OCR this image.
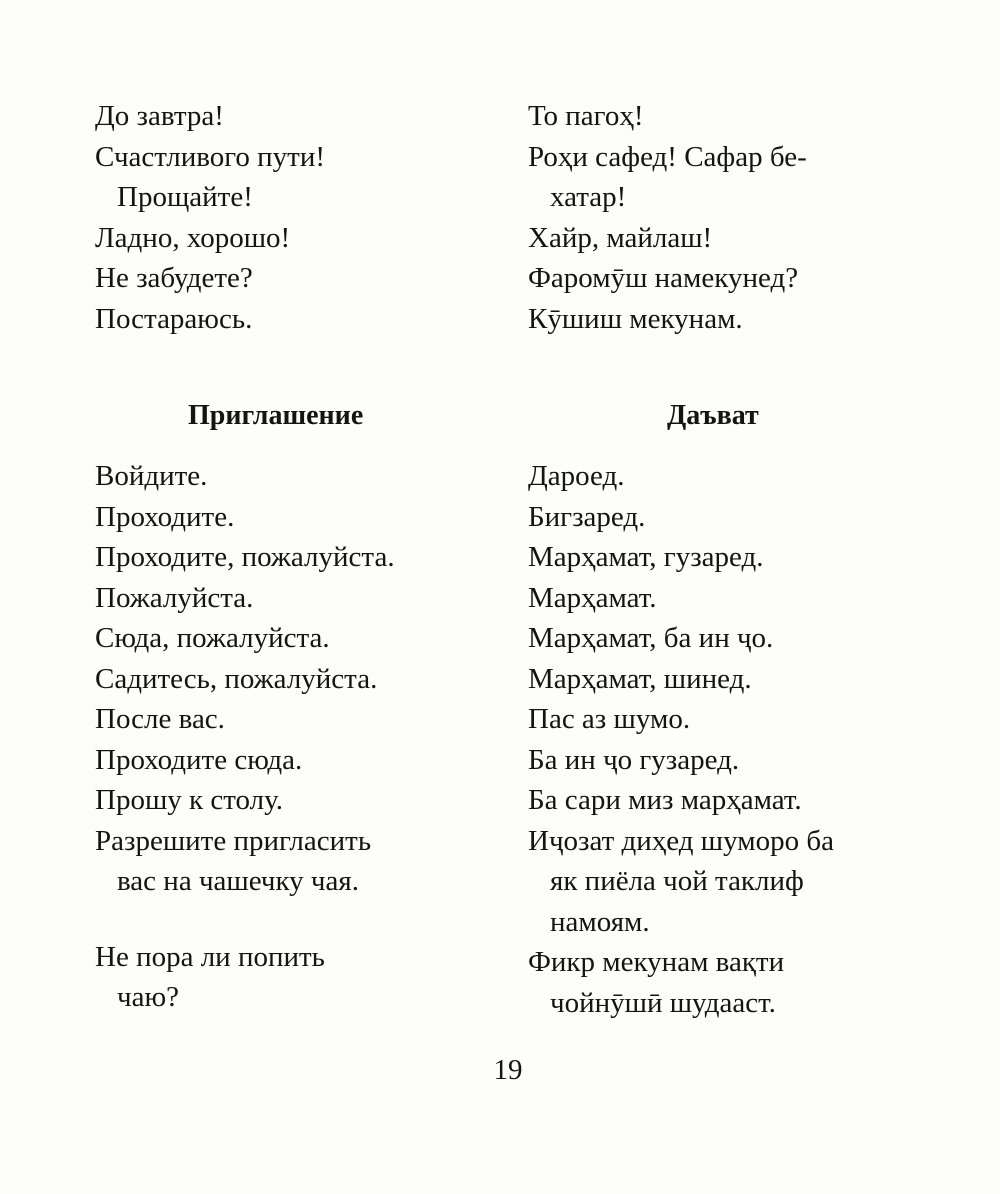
До завтра!
Счастливого пути!
Прощайте!
Ладно, хорошо!
Не забудете?
Постараюсь.
То пагоҳ!
Роҳи сафед! Сафар бе-
хатар!
Хайр, майлаш!
Фаромӯш намекунед?
Кӯшиш мекунам.
Приглашение	Даъват
Войдите.
Проходите.
Проходите, пожалуйста.
Пожалуйста.
Сюда, пожалуйста.
Садитесь, пожалуйста.
После вас.
Проходите сюда.
Прошу к столу.
Разрешите пригласить
вас на чашечку чая.
Не пора ли попить
чаю?
Дароед.
Бигзаред.
Марҳамат, гузаред.
Марҳамат.
Марҳамат, ба ин ҷо.
Марҳамат, шинед.
Пас аз шумо.
Ба ин ҷо гузаред.
Ба сари миз марҳамат.
Иҷозат диҳед шуморо ба
як пиёла чой таклиф
намоям.
Фикр мекунам вақти
чойнӯшӣ шудааст.
19
